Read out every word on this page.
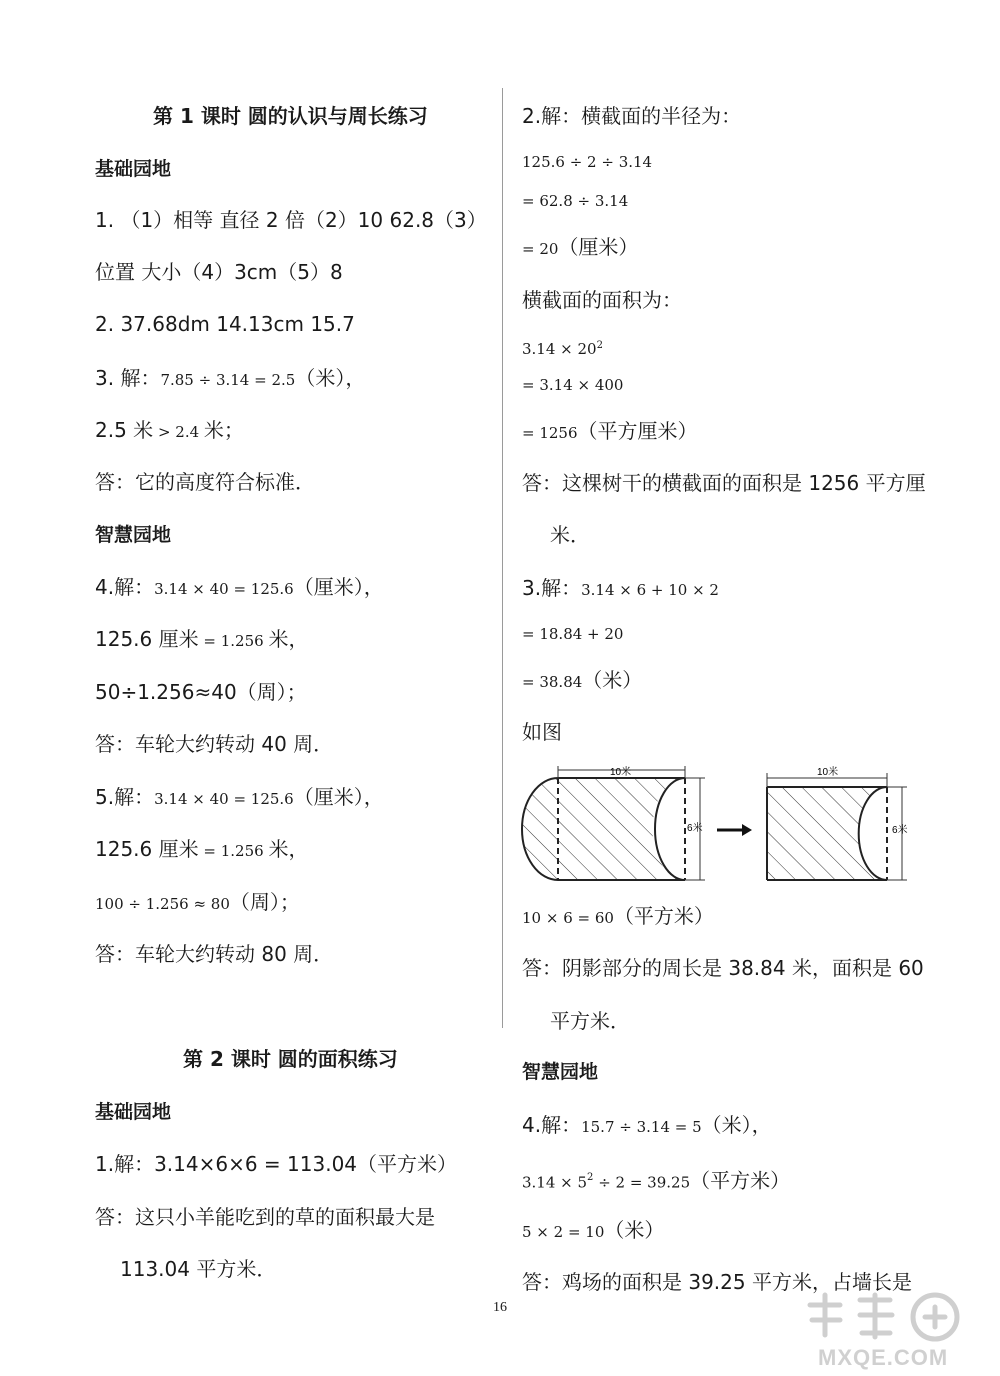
第 1 课时 圆的认识与周长练习
基础园地
1. （1）相等 直径 2 倍（2）10 62.8（3）
位置 大小（4）3cm（5）8
2. 37.68dm 14.13cm 15.7
3. 解：7.85 ÷ 3.14 = 2.5（米），
2.5 米 > 2.4 米；
答：它的高度符合标准．
智慧园地
4.解：3.14 × 40 = 125.6（厘米），
125.6 厘米 = 1.256 米，
50÷1.256≈40（周）；
答：车轮大约转动 40 周．
5.解：3.14 × 40 = 125.6（厘米），
125.6 厘米 = 1.256 米，
100 ÷ 1.256 ≈ 80（周）；
答：车轮大约转动 80 周．
第 2 课时 圆的面积练习
基础园地
1.解：3.14×6×6 = 113.04（平方米）
答：这只小羊能吃到的草的面积最大是
113.04 平方米．
2.解：横截面的半径为：
125.6 ÷ 2 ÷ 3.14
= 62.8 ÷ 3.14
= 20（厘米）
横截面的面积为：
$3.14 \times 20^2$
= 3.14 × 400
= 1256（平方厘米）
答：这棵树干的横截面的面积是 1256 平方厘
米．
3.解：3.14 × 6 + 10 × 2
= 18.84 + 20
= 38.84（米）
如图
10 × 6 = 60（平方米）
答：阴影部分的周长是 38.84 米，面积是 60
平方米．
智慧园地
4.解：15.7 ÷ 3.14 = 5（米），
$3.14 \times 5^2 \div 2 = 39.25$（平方米）
5 × 2 = 10（米）
答：鸡场的面积是 39.25 平方米，占墙长是
10米
6米
10米
6米
16
MXQE.COM
